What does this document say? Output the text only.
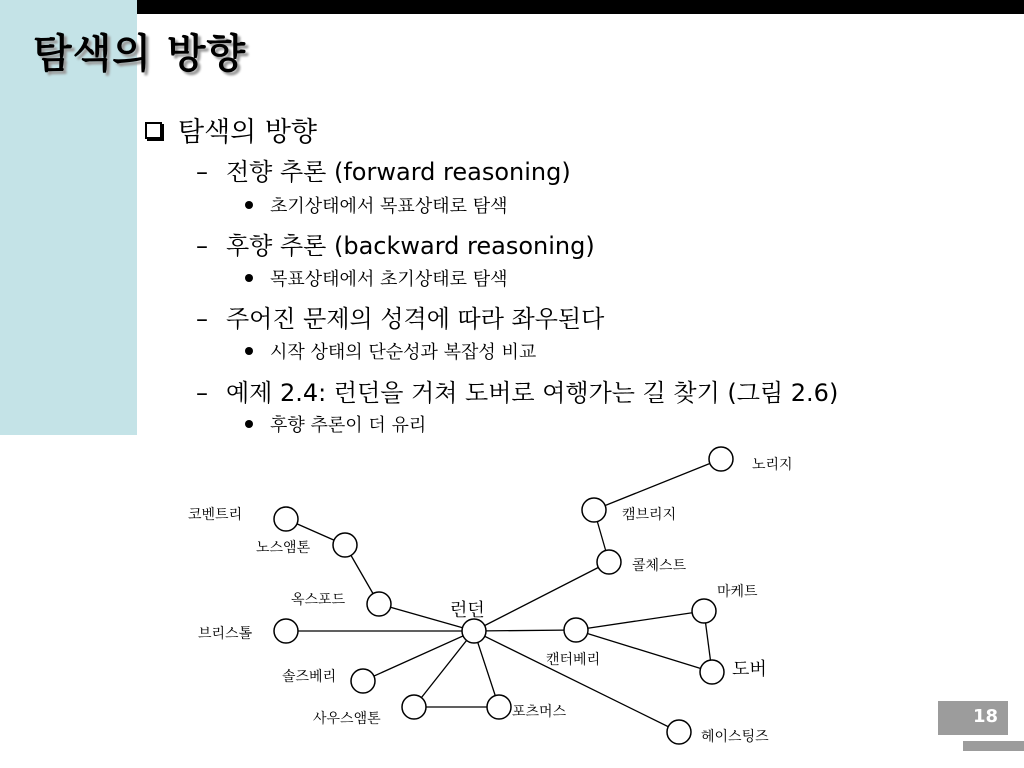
탐색의 방향
탐색의 방향
– 전향 추론 (forward reasoning)
초기상태에서 목표상태로 탐색
– 후향 추론 (backward reasoning)
목표상태에서 초기상태로 탐색
– 주어진 문제의 성격에 따라 좌우된다
시작 상태의 단순성과 복잡성 비교
– 예제 2.4: 런던을 거쳐 도버로 여행가는 길 찾기 (그림 2.6)
후향 추론이 더 유리
노리지
캠브리지
콜체스트
코벤트리
노스앰톤
옥스포드	런던
브리스톨
마케트
캔터베리	도버
솔즈베리
사우스앰톤	포츠머스
헤이스팅즈
18
